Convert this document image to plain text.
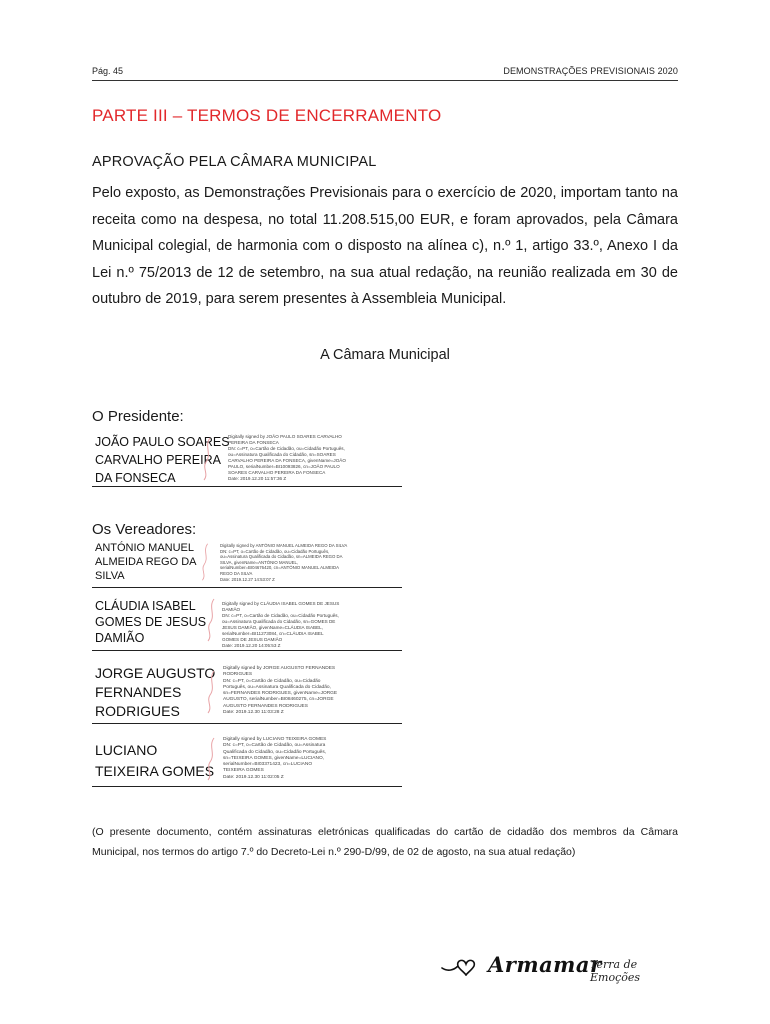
Pág. 45	DEMONSTRAÇÕES PREVISIONAIS 2020
PARTE III – TERMOS DE ENCERRAMENTO
APROVAÇÃO PELA CÂMARA MUNICIPAL

Pelo exposto, as Demonstrações Previsionais para o exercício de 2020, importam tanto na receita como na despesa, no total 11.208.515,00 EUR, e foram aprovados, pela Câmara Municipal colegial, de harmonia com o disposto na alínea c), n.º 1, artigo 33.º, Anexo I da Lei n.º 75/2013 de 12 de setembro, na sua atual redação, na reunião realizada em 30 de outubro de 2019, para serem presentes à Assembleia Municipal.

A Câmara Municipal
O Presidente:
JOÃO PAULO SOARES
CARVALHO PEREIRA
DA FONSECA
Digitally signed by JOÃO PAULO SOARES CARVALHO
PEREIRA DA FONSECA
DN: c=PT, o=Cartão de Cidadão, ou=Cidadão Português,
ou=Assinatura Qualificada do Cidadão, sn=SOARES
CARVALHO PEREIRA DA FONSECA, givenName=JOÃO
PAULO, serialNumber=BI10093826, cn=JOÃO PAULO
SOARES CARVALHO PEREIRA DA FONSECA
Date: 2019.12.20 11:57:36 Z
Os Vereadores:
ANTÓNIO MANUEL
ALMEIDA REGO DA
SILVA
Digitally signed by ANTÓNIO MANUEL ALMEIDA REGO DA SILVA
DN: c=PT, o=Cartão de Cidadão, ou=Cidadão Português,
ou=Assinatura Qualificada do Cidadão, sn=ALMEIDA REGO DA
SILVA, givenName=ANTÓNIO MANUEL,
serialNumber=BI04676420, cn=ANTÓNIO MANUEL ALMEIDA
REGO DA SILVA
Date: 2019.12.27 14:53:07 Z
CLÁUDIA ISABEL
GOMES DE JESUS
DAMIÃO
Digitally signed by CLÁUDIA ISABEL GOMES DE JESUS
DAMIÃO
DN: c=PT, o=Cartão de Cidadão, ou=Cidadão Português,
ou=Assinatura Qualificada do Cidadão, sn=GOMES DE
JESUS DAMIÃO, givenName=CLÁUDIA ISABEL,
serialNumber=BI11273084, cn=CLÁUDIA ISABEL
GOMES DE JESUS DAMIÃO
Date: 2019.12.20 14:05:53 Z
JORGE AUGUSTO
FERNANDES
RODRIGUES
Digitally signed by JORGE AUGUSTO FERNANDES
RODRIGUES
DN: c=PT, o=Cartão de Cidadão, ou=Cidadão
Português, ou=Assinatura Qualificada do Cidadão,
sn=FERNANDES RODRIGUES, givenName=JORGE
AUGUSTO, serialNumber=BI08460275, cn=JORGE
AUGUSTO FERNANDES RODRIGUES
Date: 2019.12.30 11:03:28 Z
LUCIANO
TEIXEIRA GOMES
Digitally signed by LUCIANO TEIXEIRA GOMES
DN: c=PT, o=Cartão de Cidadão, ou=Assinatura
Qualificada do Cidadão, ou=Cidadão Português,
sn=TEIXEIRA GOMES, givenName=LUCIANO,
serialNumber=BI03371423, cn=LUCIANO
TEIXEIRA GOMES
Date: 2019.12.30 11:02:05 Z

(O presente documento, contém assinaturas eletrónicas qualificadas do cartão de cidadão dos membros da Câmara Municipal, nos termos do artigo 7.º do Decreto-Lei n.º 290-D/99, de 02 de agosto, na sua atual redação)

Armamar
Terra de Emoções
